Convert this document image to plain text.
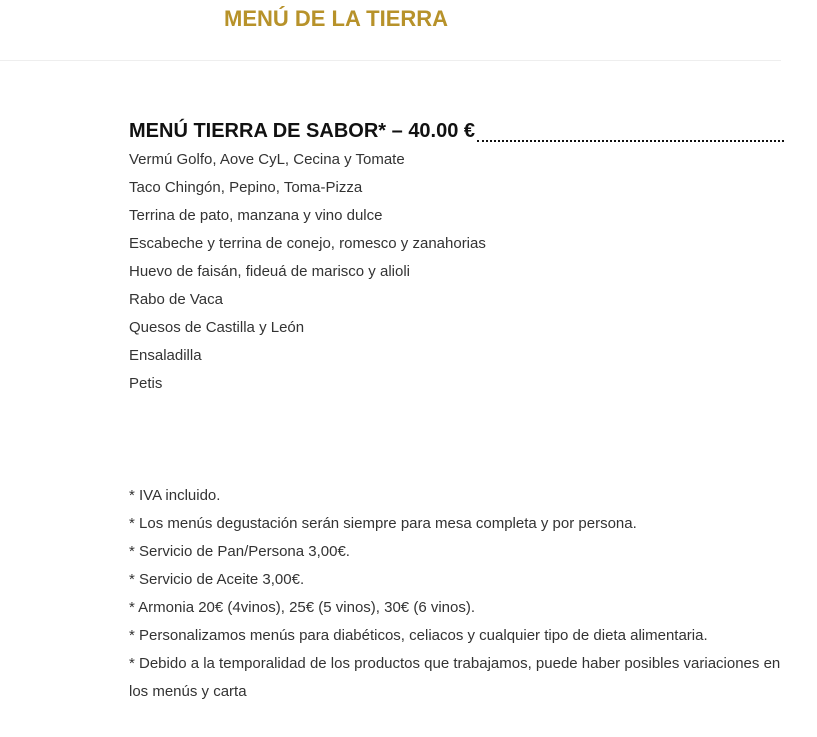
MENÚ DE LA TIERRA
MENÚ TIERRA DE SABOR* – 40.00 €
Vermú Golfo, Aove CyL, Cecina y Tomate
Taco Chingón, Pepino, Toma-Pizza
Terrina de pato, manzana y vino dulce
Escabeche y terrina de conejo, romesco y zanahorias
Huevo de faisán, fideuá de marisco y alioli
Rabo de Vaca
Quesos de Castilla y León
Ensaladilla
Petis
* IVA incluido.
* Los menús degustación serán siempre para mesa completa y por persona.
* Servicio de Pan/Persona 3,00€.
* Servicio de Aceite 3,00€.
* Armonia 20€ (4vinos), 25€ (5 vinos), 30€ (6 vinos).
* Personalizamos menús para diabéticos, celiacos y cualquier tipo de dieta alimentaria.
* Debido a la temporalidad de los productos que trabajamos, puede haber posibles variaciones en los menús y carta
